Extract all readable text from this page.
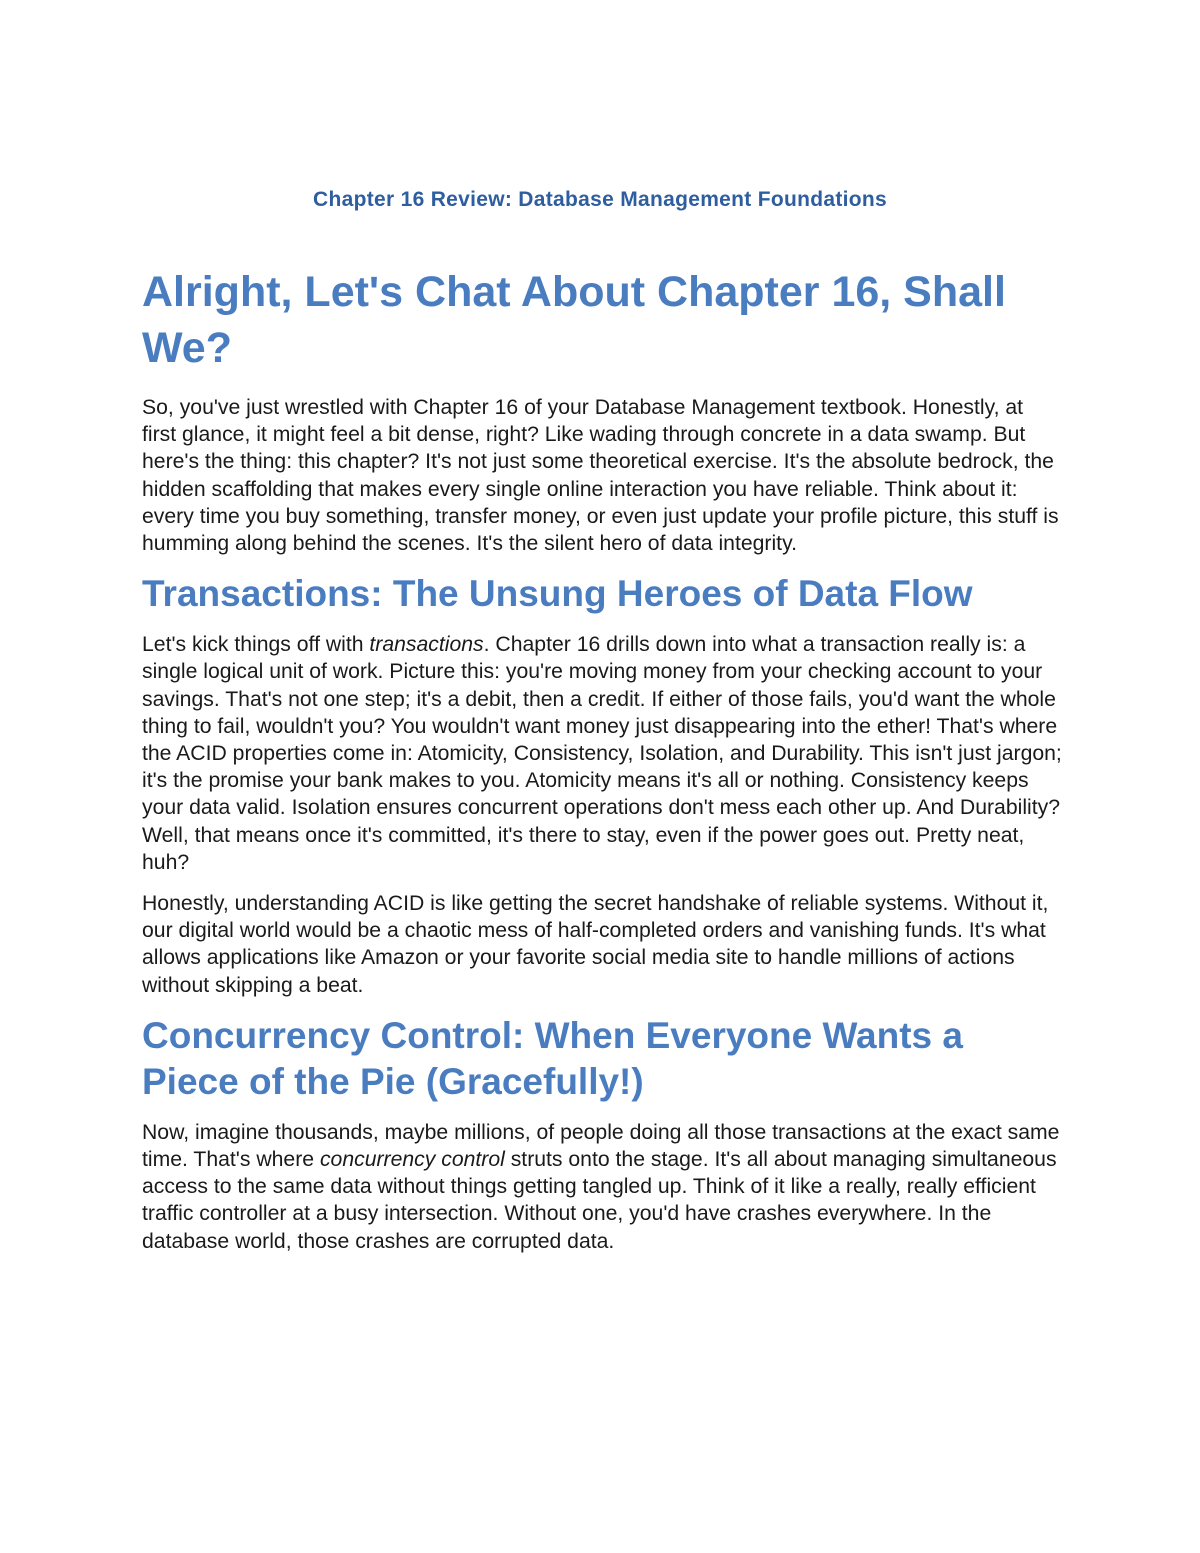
Chapter 16 Review: Database Management Foundations
Alright, Let's Chat About Chapter 16, Shall We?

So, you've just wrestled with Chapter 16 of your Database Management textbook. Honestly, at first glance, it might feel a bit dense, right? Like wading through concrete in a data swamp. But here's the thing: this chapter? It's not just some theoretical exercise. It's the absolute bedrock, the hidden scaffolding that makes every single online interaction you have reliable. Think about it: every time you buy something, transfer money, or even just update your profile picture, this stuff is humming along behind the scenes. It's the silent hero of data integrity.

Transactions: The Unsung Heroes of Data Flow

Let's kick things off with transactions. Chapter 16 drills down into what a transaction really is: a single logical unit of work. Picture this: you're moving money from your checking account to your savings. That's not one step; it's a debit, then a credit. If either of those fails, you'd want the whole thing to fail, wouldn't you? You wouldn't want money just disappearing into the ether! That's where the ACID properties come in: Atomicity, Consistency, Isolation, and Durability. This isn't just jargon; it's the promise your bank makes to you. Atomicity means it's all or nothing. Consistency keeps your data valid. Isolation ensures concurrent operations don't mess each other up. And Durability? Well, that means once it's committed, it's there to stay, even if the power goes out. Pretty neat, huh?

Honestly, understanding ACID is like getting the secret handshake of reliable systems. Without it, our digital world would be a chaotic mess of half-completed orders and vanishing funds. It's what allows applications like Amazon or your favorite social media site to handle millions of actions without skipping a beat.

Concurrency Control: When Everyone Wants a Piece of the Pie (Gracefully!)

Now, imagine thousands, maybe millions, of people doing all those transactions at the exact same time. That's where concurrency control struts onto the stage. It's all about managing simultaneous access to the same data without things getting tangled up. Think of it like a really, really efficient traffic controller at a busy intersection. Without one, you'd have crashes everywhere. In the database world, those crashes are corrupted data.
